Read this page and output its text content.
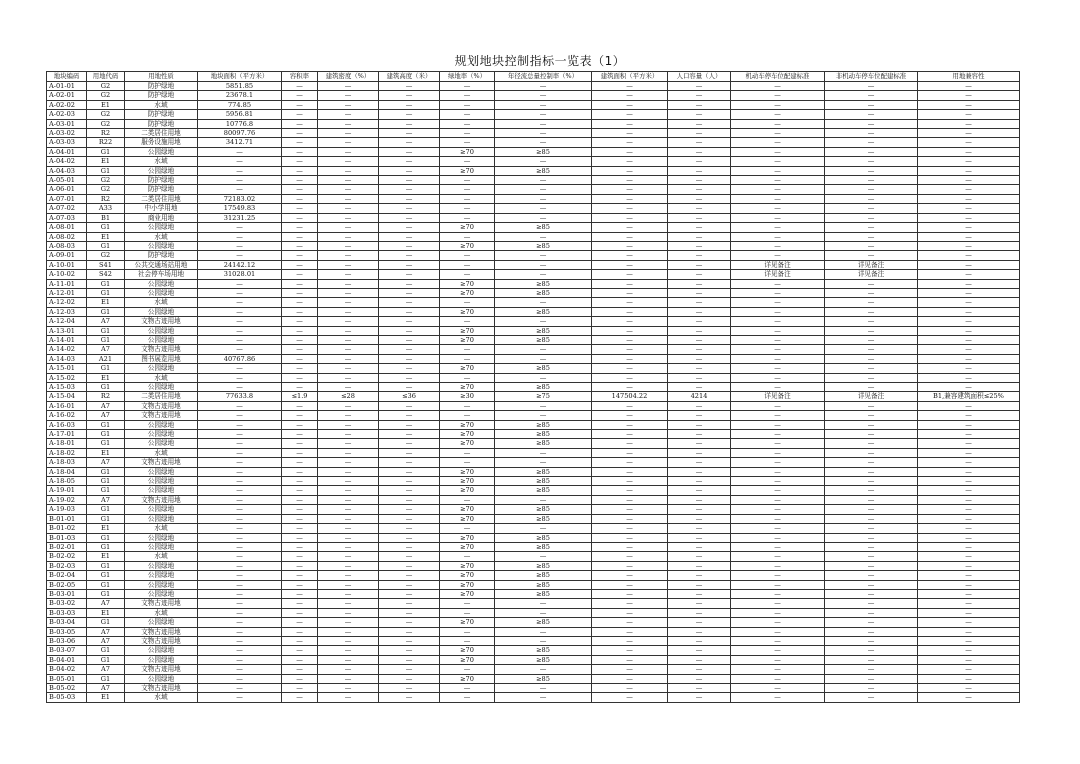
规划地块控制指标一览表（1）
地块编码	用地代码	用地性质	地块面积（平方米）	容积率	建筑密度（%）	建筑高度（米）	绿地率（%）	年径流总量控制率（%）	建筑面积（平方米）	人口容量（人）	机动车停车位配建标准	非机动车停车位配建标准	用地兼容性
A-01-01	G2	防护绿地	5851.85	—	—	—	—	—	—	—	—	—	—
A-02-01	G2	防护绿地	23678.1	—	—	—	—	—	—	—	—	—	—
A-02-02	E1	水域	774.85	—	—	—	—	—	—	—	—	—	—
A-02-03	G2	防护绿地	5956.81	—	—	—	—	—	—	—	—	—	—
A-03-01	G2	防护绿地	10776.8	—	—	—	—	—	—	—	—	—	—
A-03-02	R2	二类居住用地	80097.76	—	—	—	—	—	—	—	—	—	—
A-03-03	R22	服务设施用地	3412.71	—	—	—	—	—	—	—	—	—	—
A-04-01	G1	公园绿地	—	—	—	—	≥70	≥85	—	—	—	—	—
A-04-02	E1	水域	—	—	—	—	—	—	—	—	—	—	—
A-04-03	G1	公园绿地	—	—	—	—	≥70	≥85	—	—	—	—	—
A-05-01	G2	防护绿地	—	—	—	—	—	—	—	—	—	—	—
A-06-01	G2	防护绿地	—	—	—	—	—	—	—	—	—	—	—
A-07-01	R2	二类居住用地	72183.02	—	—	—	—	—	—	—	—	—	—
A-07-02	A33	中小学用地	17549.83	—	—	—	—	—	—	—	—	—	—
A-07-03	B1	商业用地	31231.25	—	—	—	—	—	—	—	—	—	—
A-08-01	G1	公园绿地	—	—	—	—	≥70	≥85	—	—	—	—	—
A-08-02	E1	水域	—	—	—	—	—	—	—	—	—	—	—
A-08-03	G1	公园绿地	—	—	—	—	≥70	≥85	—	—	—	—	—
A-09-01	G2	防护绿地	—	—	—	—	—	—	—	—	—	—	—
A-10-01	S41	公共交通场站用地	24142.12	—	—	—	—	—	—	—	详见备注	详见备注	—
A-10-02	S42	社会停车场用地	31028.01	—	—	—	—	—	—	—	详见备注	详见备注	—
A-11-01	G1	公园绿地	—	—	—	—	≥70	≥85	—	—	—	—	—
A-12-01	G1	公园绿地	—	—	—	—	≥70	≥85	—	—	—	—	—
A-12-02	E1	水域	—	—	—	—	—	—	—	—	—	—	—
A-12-03	G1	公园绿地	—	—	—	—	≥70	≥85	—	—	—	—	—
A-12-04	A7	文物古迹用地	—	—	—	—	—	—	—	—	—	—	—
A-13-01	G1	公园绿地	—	—	—	—	≥70	≥85	—	—	—	—	—
A-14-01	G1	公园绿地	—	—	—	—	≥70	≥85	—	—	—	—	—
A-14-02	A7	文物古迹用地	—	—	—	—	—	—	—	—	—	—	—
A-14-03	A21	图书展览用地	40767.86	—	—	—	—	—	—	—	—	—	—
A-15-01	G1	公园绿地	—	—	—	—	≥70	≥85	—	—	—	—	—
A-15-02	E1	水域	—	—	—	—	—	—	—	—	—	—	—
A-15-03	G1	公园绿地	—	—	—	—	≥70	≥85	—	—	—	—	—
A-15-04	R2	二类居住用地	77633.8	≤1.9	≤28	≤36	≥30	≥75	147504.22	4214	详见备注	详见备注	B1,兼容建筑面积≤25%
A-16-01	A7	文物古迹用地	—	—	—	—	—	—	—	—	—	—	—
A-16-02	A7	文物古迹用地	—	—	—	—	—	—	—	—	—	—	—
A-16-03	G1	公园绿地	—	—	—	—	≥70	≥85	—	—	—	—	—
A-17-01	G1	公园绿地	—	—	—	—	≥70	≥85	—	—	—	—	—
A-18-01	G1	公园绿地	—	—	—	—	≥70	≥85	—	—	—	—	—
A-18-02	E1	水域	—	—	—	—	—	—	—	—	—	—	—
A-18-03	A7	文物古迹用地	—	—	—	—	—	—	—	—	—	—	—
A-18-04	G1	公园绿地	—	—	—	—	≥70	≥85	—	—	—	—	—
A-18-05	G1	公园绿地	—	—	—	—	≥70	≥85	—	—	—	—	—
A-19-01	G1	公园绿地	—	—	—	—	≥70	≥85	—	—	—	—	—
A-19-02	A7	文物古迹用地	—	—	—	—	—	—	—	—	—	—	—
A-19-03	G1	公园绿地	—	—	—	—	≥70	≥85	—	—	—	—	—
B-01-01	G1	公园绿地	—	—	—	—	≥70	≥85	—	—	—	—	—
B-01-02	E1	水域	—	—	—	—	—	—	—	—	—	—	—
B-01-03	G1	公园绿地	—	—	—	—	≥70	≥85	—	—	—	—	—
B-02-01	G1	公园绿地	—	—	—	—	≥70	≥85	—	—	—	—	—
B-02-02	E1	水域	—	—	—	—	—	—	—	—	—	—	—
B-02-03	G1	公园绿地	—	—	—	—	≥70	≥85	—	—	—	—	—
B-02-04	G1	公园绿地	—	—	—	—	≥70	≥85	—	—	—	—	—
B-02-05	G1	公园绿地	—	—	—	—	≥70	≥85	—	—	—	—	—
B-03-01	G1	公园绿地	—	—	—	—	≥70	≥85	—	—	—	—	—
B-03-02	A7	文物古迹用地	—	—	—	—	—	—	—	—	—	—	—
B-03-03	E1	水域	—	—	—	—	—	—	—	—	—	—	—
B-03-04	G1	公园绿地	—	—	—	—	≥70	≥85	—	—	—	—	—
B-03-05	A7	文物古迹用地	—	—	—	—	—	—	—	—	—	—	—
B-03-06	A7	文物古迹用地	—	—	—	—	—	—	—	—	—	—	—
B-03-07	G1	公园绿地	—	—	—	—	≥70	≥85	—	—	—	—	—
B-04-01	G1	公园绿地	—	—	—	—	≥70	≥85	—	—	—	—	—
B-04-02	A7	文物古迹用地	—	—	—	—	—	—	—	—	—	—	—
B-05-01	G1	公园绿地	—	—	—	—	≥70	≥85	—	—	—	—	—
B-05-02	A7	文物古迹用地	—	—	—	—	—	—	—	—	—	—	—
B-05-03	E1	水域	—	—	—	—	—	—	—	—	—	—	—
